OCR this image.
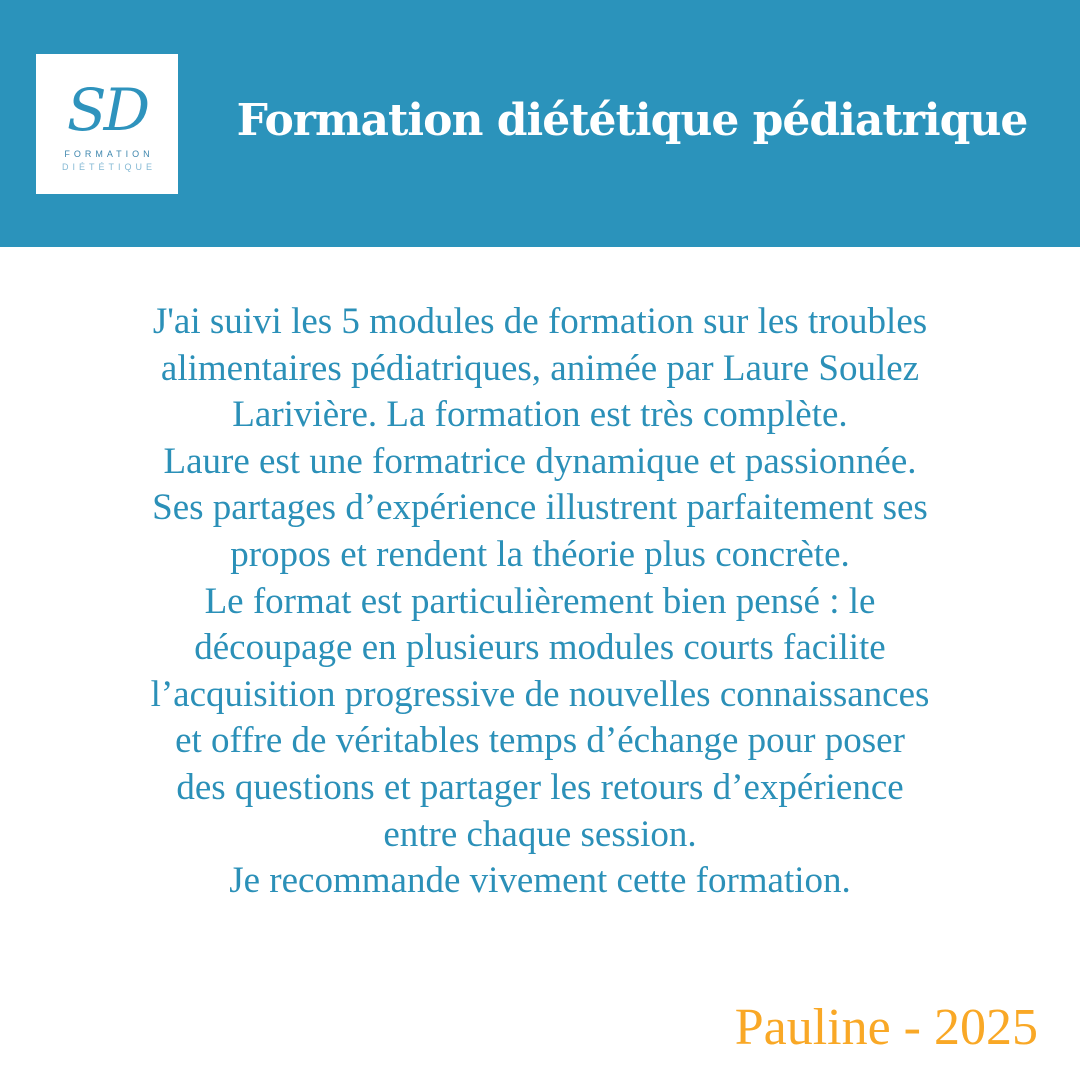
SD
FORMATION
DIÉTÉTIQUE
Formation diététique pédiatrique
J'ai suivi les 5 modules de formation sur les troubles
alimentaires pédiatriques, animée par Laure Soulez
Larivière. La formation est très complète.
Laure est une formatrice dynamique et passionnée.
Ses partages d’expérience illustrent parfaitement ses
propos et rendent la théorie plus concrète.
Le format est particulièrement bien pensé : le
découpage en plusieurs modules courts facilite
l’acquisition progressive de nouvelles connaissances
et offre de véritables temps d’échange pour poser
des questions et partager les retours d’expérience
entre chaque session.
Je recommande vivement cette formation.
Pauline - 2025
